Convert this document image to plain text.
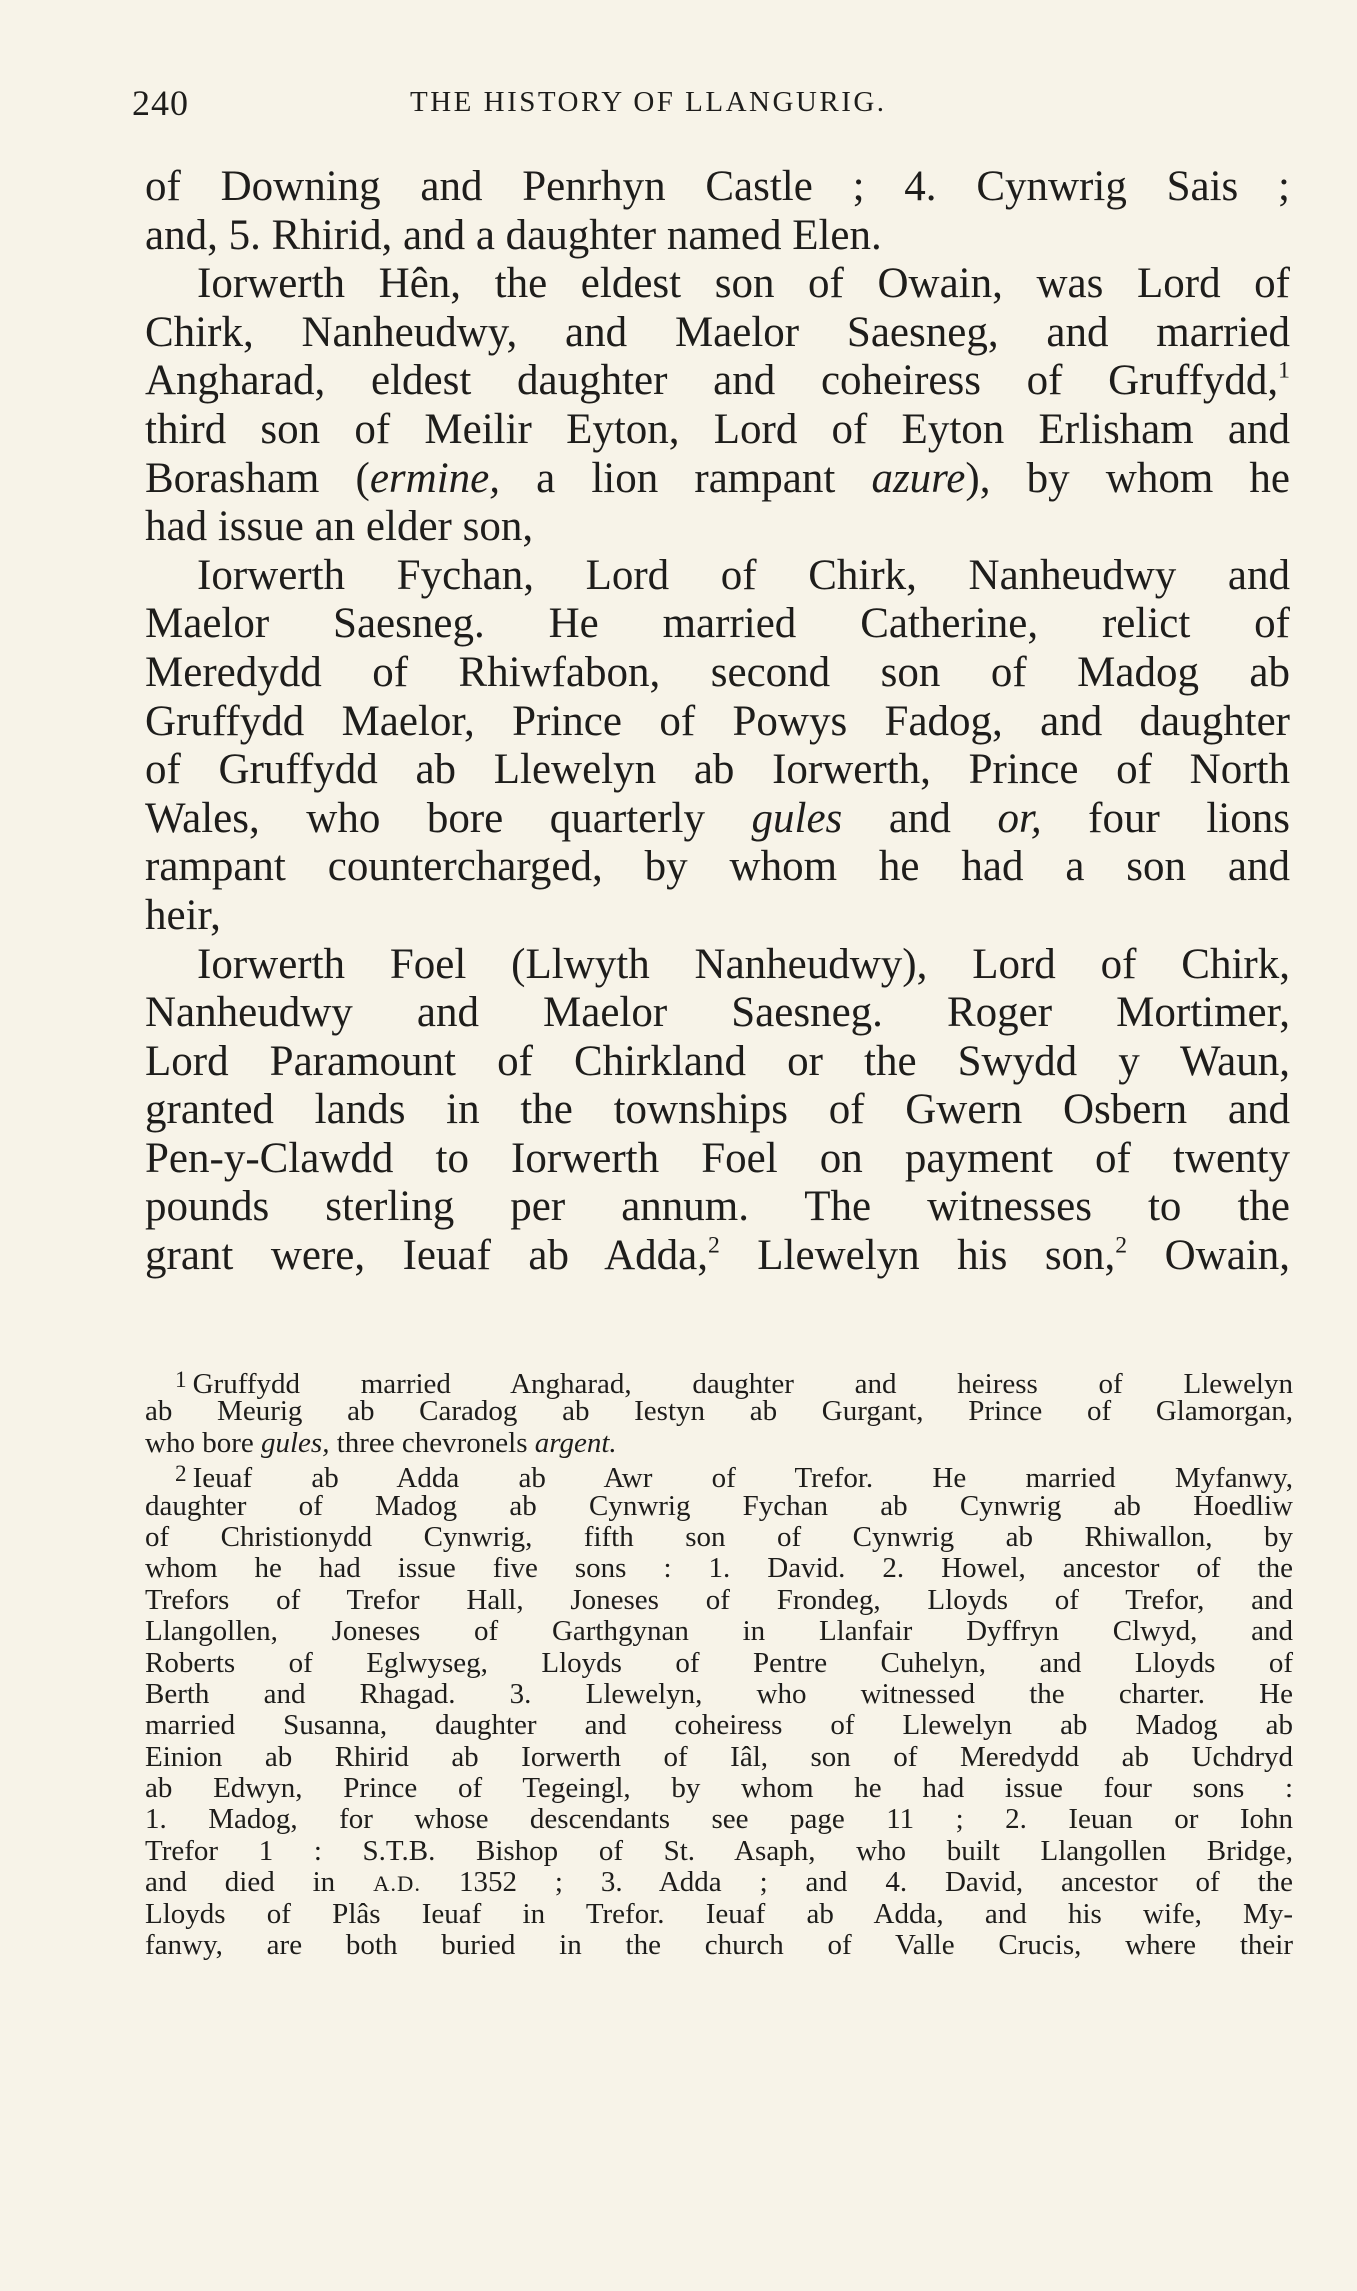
240	THE HISTORY OF LLANGURIG.
of Downing and Penrhyn Castle ; 4. Cynwrig Sais ;
and, 5. Rhirid, and a daughter named Elen.
Iorwerth Hên, the eldest son of Owain, was Lord of
Chirk, Nanheudwy, and Maelor Saesneg, and married
Angharad, eldest daughter and coheiress of Gruffydd,$^1$
third son of Meilir Eyton, Lord of Eyton Erlisham and
Borasham (ermine, a lion rampant azure), by whom he
had issue an elder son,
Iorwerth Fychan, Lord of Chirk, Nanheudwy and
Maelor Saesneg. He married Catherine, relict of
Meredydd of Rhiwfabon, second son of Madog ab
Gruffydd Maelor, Prince of Powys Fadog, and daughter
of Gruffydd ab Llewelyn ab Iorwerth, Prince of North
Wales, who bore quarterly gules and or, four lions
rampant countercharged, by whom he had a son and
heir,
Iorwerth Foel (Llwyth Nanheudwy), Lord of Chirk,
Nanheudwy and Maelor Saesneg. Roger Mortimer,
Lord Paramount of Chirkland or the Swydd y Waun,
granted lands in the townships of Gwern Osbern and
Pen-y-Clawdd to Iorwerth Foel on payment of twenty
pounds sterling per annum. The witnesses to the
grant were, Ieuaf ab Adda,$^2$ Llewelyn his son,$^2$ Owain,
1 Gruffydd married Angharad, daughter and heiress of Llewelyn
ab Meurig ab Caradog ab Iestyn ab Gurgant, Prince of Glamorgan,
who bore gules, three chevronels argent.
2 Ieuaf ab Adda ab Awr of Trefor. He married Myfanwy,
daughter of Madog ab Cynwrig Fychan ab Cynwrig ab Hoedliw
of Christionydd Cynwrig, fifth son of Cynwrig ab Rhiwallon, by
whom he had issue five sons : 1. David. 2. Howel, ancestor of the
Trefors of Trefor Hall, Joneses of Frondeg, Lloyds of Trefor, and
Llangollen, Joneses of Garthgynan in Llanfair Dyffryn Clwyd, and
Roberts of Eglwyseg, Lloyds of Pentre Cuhelyn, and Lloyds of
Berth and Rhagad. 3. Llewelyn, who witnessed the charter. He
married Susanna, daughter and coheiress of Llewelyn ab Madog ab
Einion ab Rhirid ab Iorwerth of Iâl, son of Meredydd ab Uchdryd
ab Edwyn, Prince of Tegeingl, by whom he had issue four sons :
1. Madog, for whose descendants see page 11 ; 2. Ieuan or Iohn
Trefor 1 : S.T.B. Bishop of St. Asaph, who built Llangollen Bridge,
and died in A.D. 1352 ; 3. Adda ; and 4. David, ancestor of the
Lloyds of Plâs Ieuaf in Trefor. Ieuaf ab Adda, and his wife, My-
fanwy, are both buried in the church of Valle Crucis, where their
